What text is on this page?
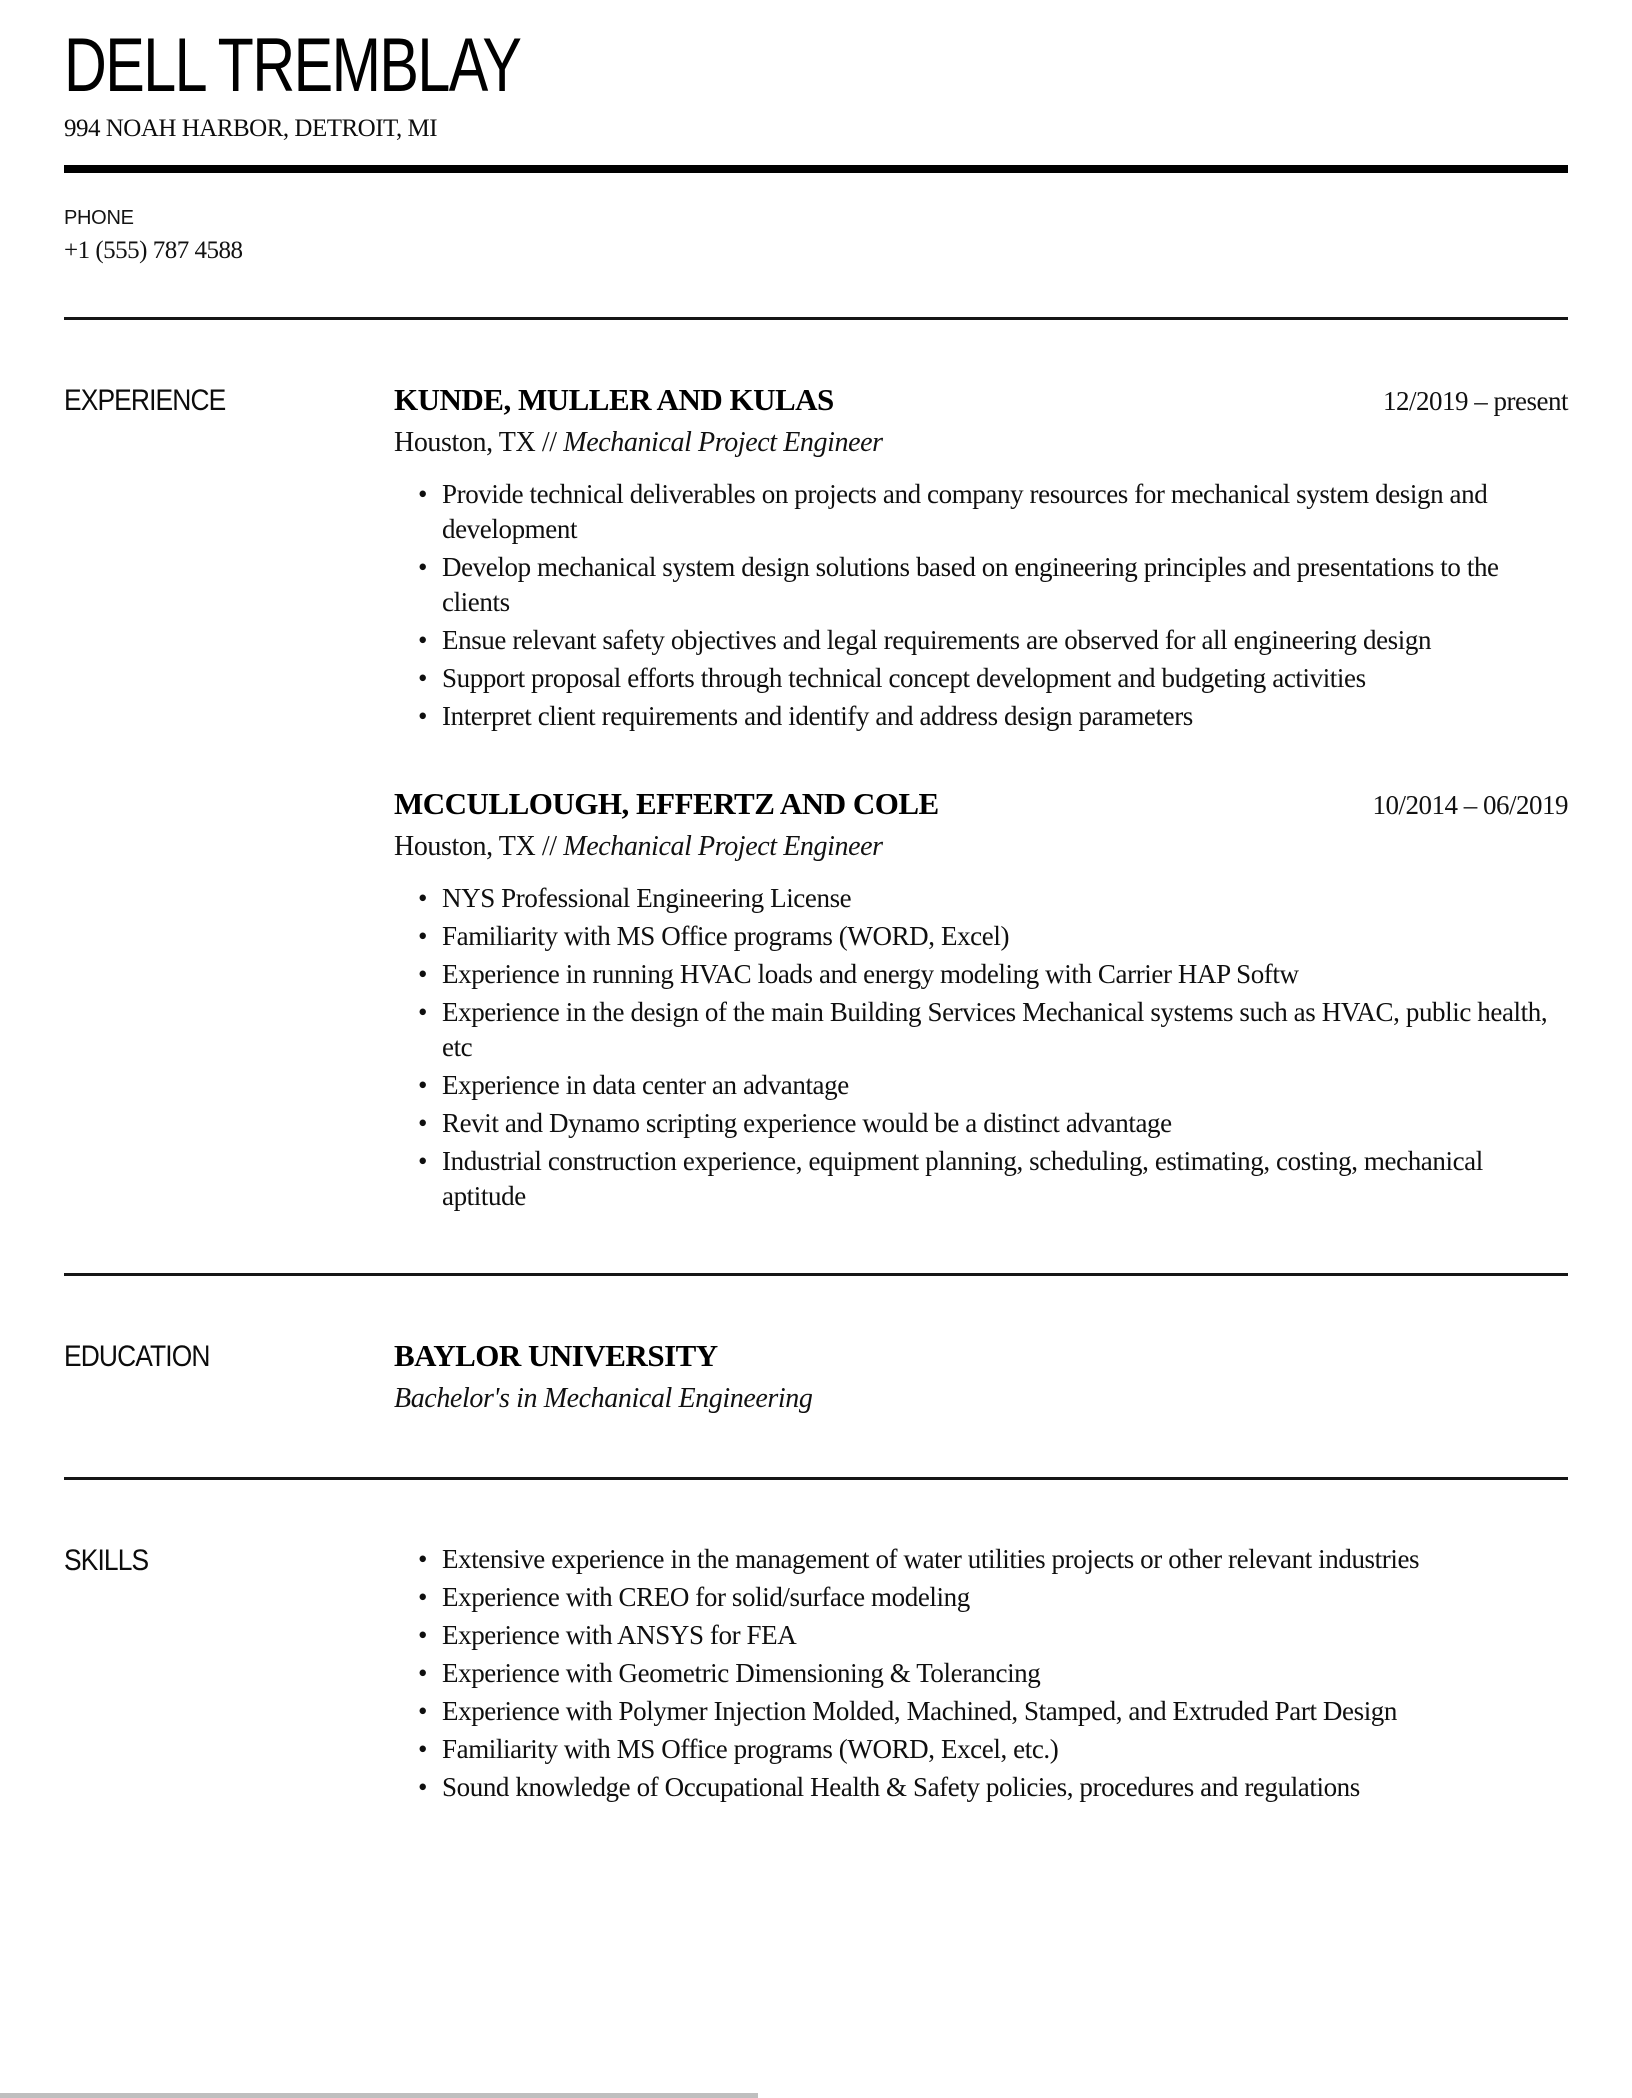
DELL TREMBLAY
994 NOAH HARBOR, DETROIT, MI
PHONE
+1 (555) 787 4588
EXPERIENCE	KUNDE, MULLER AND KULAS	12/2019 – present
Houston, TX // Mechanical Project Engineer
• Provide technical deliverables on projects and company resources for mechanical system design and development
• Develop mechanical system design solutions based on engineering principles and presentations to the clients
• Ensue relevant safety objectives and legal requirements are observed for all engineering design
• Support proposal efforts through technical concept development and budgeting activities
• Interpret client requirements and identify and address design parameters
MCCULLOUGH, EFFERTZ AND COLE	10/2014 – 06/2019
Houston, TX // Mechanical Project Engineer
• NYS Professional Engineering License
• Familiarity with MS Office programs (WORD, Excel)
• Experience in running HVAC loads and energy modeling with Carrier HAP Softw
• Experience in the design of the main Building Services Mechanical systems such as HVAC, public health, etc
• Experience in data center an advantage
• Revit and Dynamo scripting experience would be a distinct advantage
• Industrial construction experience, equipment planning, scheduling, estimating, costing, mechanical aptitude
EDUCATION	BAYLOR UNIVERSITY
Bachelor's in Mechanical Engineering
SKILLS	• Extensive experience in the management of water utilities projects or other relevant industries
• Experience with CREO for solid/surface modeling
• Experience with ANSYS for FEA
• Experience with Geometric Dimensioning & Tolerancing
• Experience with Polymer Injection Molded, Machined, Stamped, and Extruded Part Design
• Familiarity with MS Office programs (WORD, Excel, etc.)
• Sound knowledge of Occupational Health & Safety policies, procedures and regulations
